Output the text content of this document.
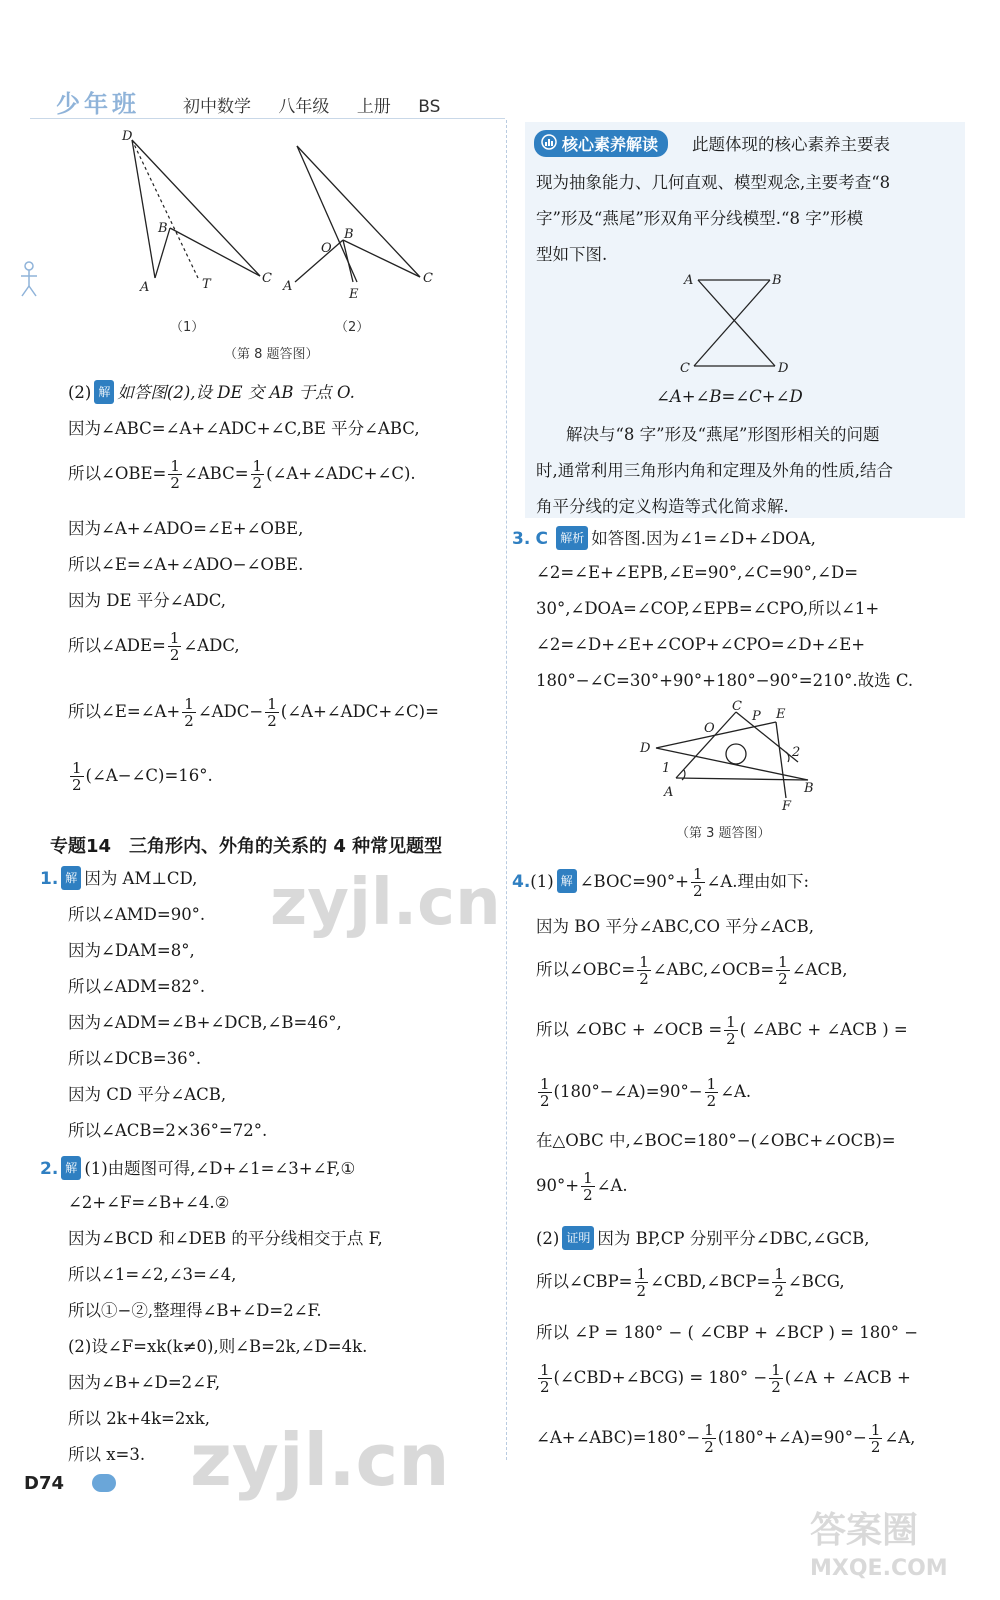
少年班	初中数学 八年级 上册 BS
D
B
A	T	C
B
O
A
E
C
（1）	（2）
（第 8 题答图）
(2) 解 如答图(2),设 DE 交 AB 于点 O.
因为∠ABC=∠A+∠ADC+∠C,BE 平分∠ABC,
所以∠OBE= $\frac{1}{2}$ ∠ABC= $\frac{1}{2}$ (∠A+∠ADC+∠C).
因为∠A+∠ADO=∠E+∠OBE,
所以∠E=∠A+∠ADO−∠OBE.
因为 DE 平分∠ADC,
所以∠ADE= $\frac{1}{2}$ ∠ADC,
所以∠E=∠A+ $\frac{1}{2}$ ∠ADC− $\frac{1}{2}$ (∠A+∠ADC+∠C)=
$\frac{1}{2}$ (∠A−∠C)=16°.
专题14　三角形内、外角的关系的 4 种常见题型
1. 解 因为 AM⊥CD,
所以∠AMD=90°.
因为∠DAM=8°,
所以∠ADM=82°.
因为∠ADM=∠B+∠DCB,∠B=46°,
所以∠DCB=36°.
因为 CD 平分∠ACB,
所以∠ACB=2×36°=72°.
2. 解 (1)由题图可得,∠D+∠1=∠3+∠F,①
∠2+∠F=∠B+∠4.②
因为∠BCD 和∠DEB 的平分线相交于点 F,
所以∠1=∠2,∠3=∠4,
所以①−②,整理得∠B+∠D=2∠F.
(2)设∠F=xk(k≠0),则∠B=2k,∠D=4k.
因为∠B+∠D=2∠F,
所以 2k+4k=2xk,
所以 x=3.
核心素养解读	此题体现的核心素养主要表
现为抽象能力、几何直观、模型观念,主要考查“8
字”形及“燕尾”形双角平分线模型.“8 字”形模
型如下图.
A	B
C	D
∠A+∠B=∠C+∠D
解决与“8 字”形及“燕尾”形图形相关的问题
时,通常利用三角形内角和定理及外角的性质,结合
角平分线的定义构造等式化简求解.
3. C 解析 如答图.因为∠1=∠D+∠DOA,
∠2=∠E+∠EPB,∠E=90°,∠C=90°,∠D=
30°,∠DOA=∠COP,∠EPB=∠CPO,所以∠1+
∠2=∠D+∠E+∠COP+∠CPO=∠D+∠E+
180°−∠C=30°+90°+180°−90°=210°.故选 C.
C
P E
O
D	2
1
B
A
F
（第 3 题答图）
4.(1) 解 ∠BOC=90°+ $\frac{1}{2}$ ∠A.理由如下:
因为 BO 平分∠ABC,CO 平分∠ACB,
所以∠OBC= $\frac{1}{2}$ ∠ABC,∠OCB= $\frac{1}{2}$ ∠ACB,
所以 ∠OBC + ∠OCB = $\frac{1}{2}$ ( ∠ABC + ∠ACB ) =
$\frac{1}{2}$ (180°−∠A)=90°− $\frac{1}{2}$ ∠A.
在△OBC 中,∠BOC=180°−(∠OBC+∠OCB)=
$90^\circ+ \frac{1}{2}$ ∠A.
(2) 证明 因为 BP,CP 分别平分∠DBC,∠GCB,
所以∠CBP= $\frac{1}{2}$ ∠CBD,∠BCP= $\frac{1}{2}$ ∠BCG,
所以 ∠P = 180° − ( ∠CBP + ∠BCP ) = 180° −
$\frac{1}{2}$ (∠CBD+∠BCG) = $180^\circ - \frac{1}{2}$ (∠A + ∠ACB +
∠A+∠ABC)=180°− $\frac{1}{2}$ (180°+∠A)=90°− $\frac{1}{2}$ ∠A,
D74
zyjl.cn
zyjl.cn
答案圈
MXQE.COM
